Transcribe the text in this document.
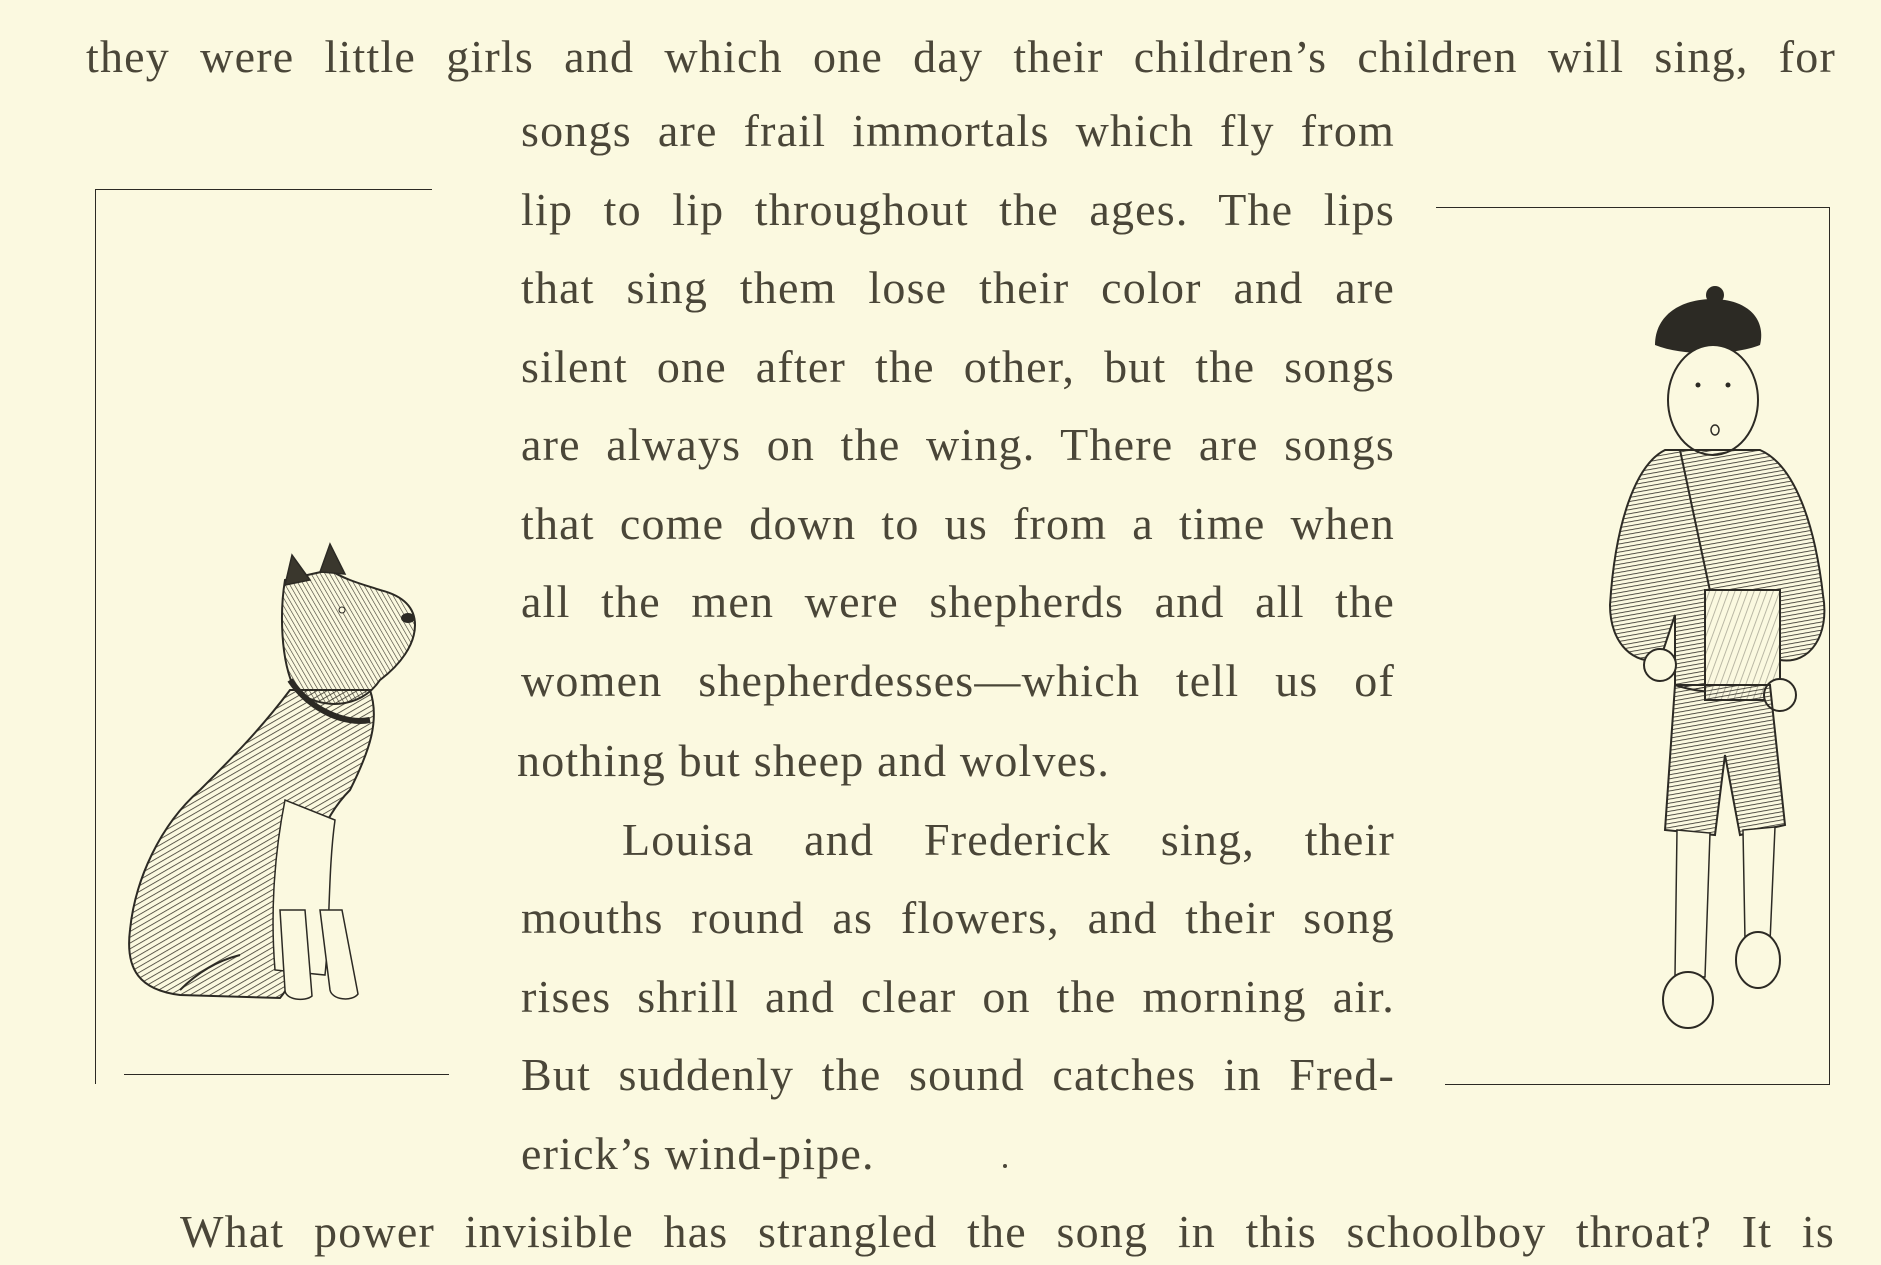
they were little girls and which one day their children’s children will sing, for
songs are frail immortals which fly from
lip to lip throughout the ages. The lips
that sing them lose their color and are
silent one after the other, but the songs
are always on the wing. There are songs
that come down to us from a time when
all the men were shepherds and all the
women shepherdesses—which tell us of
nothing but sheep and wolves.
Louisa and Frederick sing, their
mouths round as flowers, and their song
rises shrill and clear on the morning air.
But suddenly the sound catches in Fred-
erick’s wind-pipe.
What power invisible has strangled the song in this schoolboy throat? It is
